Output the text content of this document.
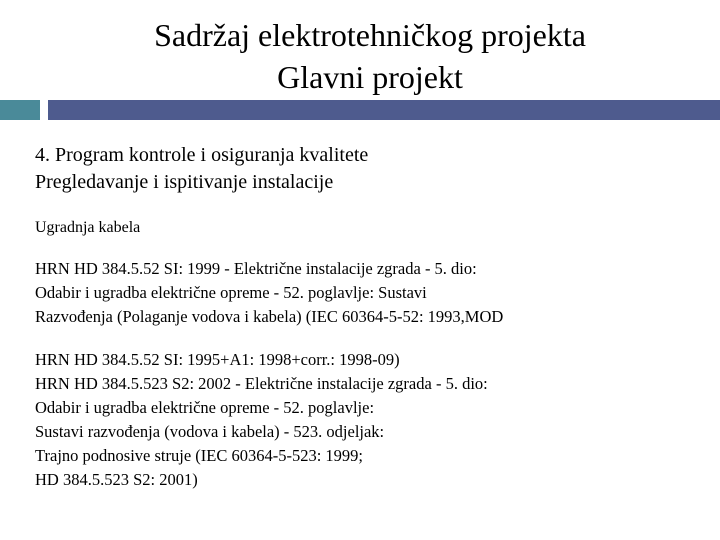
Sadržaj elektrotehničkog projekta
Glavni projekt

4. Program kontrole i osiguranja kvalitete
Pregledavanje i ispitivanje instalacije

Ugradnja kabela

HRN HD 384.5.52 SI: 1999 - Električne instalacije zgrada - 5. dio:
Odabir i ugradba električne opreme - 52. poglavlje: Sustavi
Razvođenja (Polaganje vodova i kabela) (IEC 60364-5-52: 1993,MOD

HRN HD 384.5.52 SI: 1995+A1: 1998+corr.: 1998-09)
HRN HD 384.5.523 S2: 2002 - Električne instalacije zgrada - 5. dio:
Odabir i ugradba električne opreme - 52. poglavlje:
Sustavi razvođenja (vodova i kabela) - 523. odjeljak:
Trajno podnosive struje (IEC 60364-5-523: 1999;
HD 384.5.523 S2: 2001)
